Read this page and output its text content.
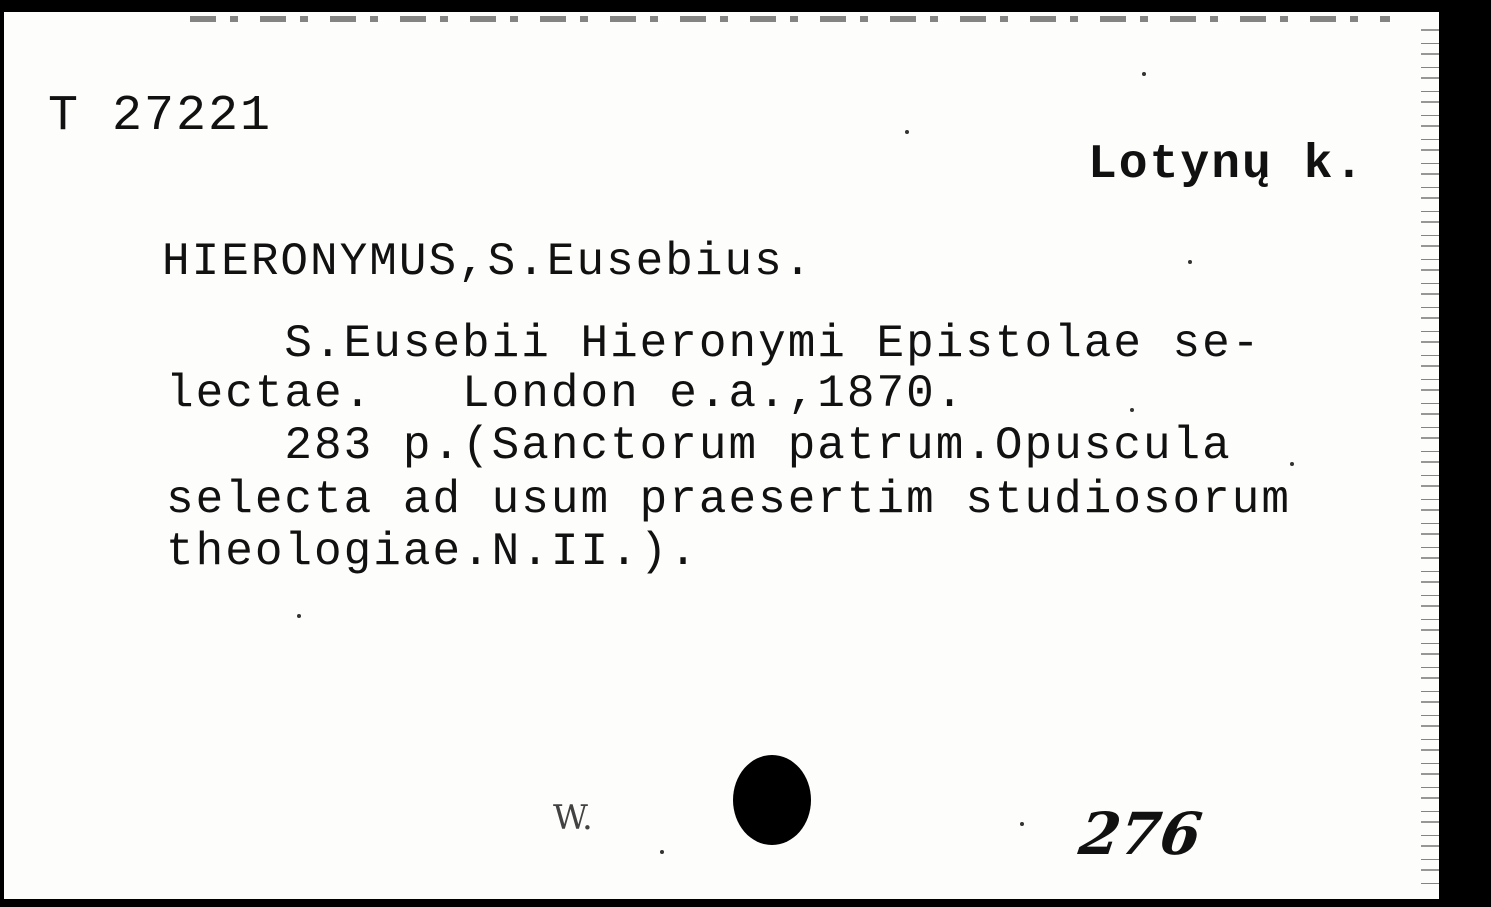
T 27221
Lotynų k.
HIERONYMUS,S.Eusebius.
S.Eusebii Hieronymi Epistolae se-
lectae.   London e.a.,1870.
283 p.(Sanctorum patrum.Opuscula
selecta ad usum praesertim studiosorum
theologiae.N.II.).
W.	276
